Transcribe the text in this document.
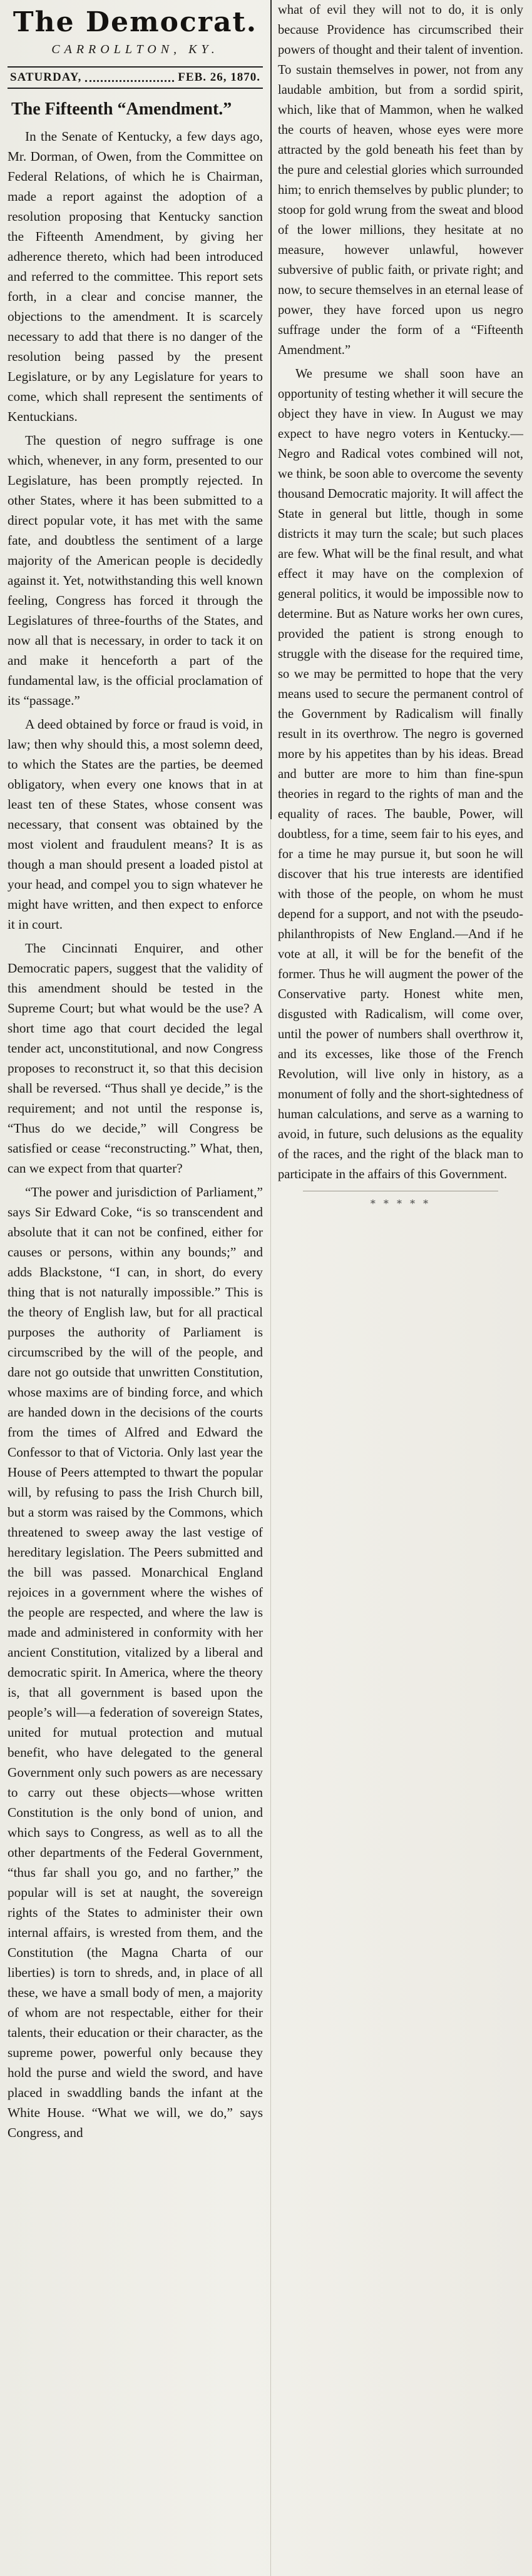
The Democrat.
CARROLLTON, KY.
SATURDAY,	FEB. 26, 1870.
The Fifteenth “Amendment.”

In the Senate of Kentucky, a few days ago, Mr. Dorman, of Owen, from the Committee on Federal Relations, of which he is Chairman, made a report against the adoption of a resolution proposing that Kentucky sanction the Fifteenth Amendment, by giving her adherence thereto, which had been introduced and referred to the committee. This report sets forth, in a clear and concise manner, the objections to the amendment. It is scarcely necessary to add that there is no danger of the resolution being passed by the present Legislature, or by any Legislature for years to come, which shall represent the sentiments of Kentuckians.

The question of negro suffrage is one which, whenever, in any form, presented to our Legislature, has been promptly rejected. In other States, where it has been submitted to a direct popular vote, it has met with the same fate, and doubtless the sentiment of a large majority of the American people is decidedly against it. Yet, notwithstanding this well known feeling, Congress has forced it through the Legislatures of three-fourths of the States, and now all that is necessary, in order to tack it on and make it henceforth a part of the fundamental law, is the official proclamation of its “passage.”

A deed obtained by force or fraud is void, in law; then why should this, a most solemn deed, to which the States are the parties, be deemed obligatory, when every one knows that in at least ten of these States, whose consent was necessary, that consent was obtained by the most violent and fraudulent means? It is as though a man should present a loaded pistol at your head, and compel you to sign whatever he might have written, and then expect to enforce it in court.

The Cincinnati Enquirer, and other Democratic papers, suggest that the validity of this amendment should be tested in the Supreme Court; but what would be the use? A short time ago that court decided the legal tender act, unconstitutional, and now Congress proposes to reconstruct it, so that this decision shall be reversed. “Thus shall ye decide,” is the requirement; and not until the response is, “Thus do we decide,” will Congress be satisfied or cease “reconstructing.” What, then, can we expect from that quarter?

“The power and jurisdiction of Parliament,” says Sir Edward Coke, “is so transcendent and absolute that it can not be confined, either for causes or persons, within any bounds;” and adds Blackstone, “I can, in short, do every thing that is not naturally impossible.” This is the theory of English law, but for all practical purposes the authority of Parliament is circumscribed by the will of the people, and dare not go outside that unwritten Constitution, whose maxims are of binding force, and which are handed down in the decisions of the courts from the times of Alfred and Edward the Confessor to that of Victoria. Only last year the House of Peers attempted to thwart the popular will, by refusing to pass the Irish Church bill, but a storm was raised by the Commons, which threatened to sweep away the last vestige of hereditary legislation. The Peers submitted and the bill was passed. Monarchical England rejoices in a government where the wishes of the people are respected, and where the law is made and administered in conformity with her ancient Constitution, vitalized by a liberal and democratic spirit. In America, where the theory is, that all government is based upon the people’s will—a federation of sovereign States, united for mutual protection and mutual benefit, who have delegated to the general Government only such powers as are necessary to carry out these objects—whose written Constitution is the only bond of union, and which says to Congress, as well as to all the other departments of the Federal Government, “thus far shall you go, and no farther,” the popular will is set at naught, the sovereign rights of the States to administer their own internal affairs, is wrested from them, and the Constitution (the Magna Charta of our liberties) is torn to shreds, and, in place of all these, we have a small body of men, a majority of whom are not respectable, either for their talents, their education or their character, as the supreme power, powerful only because they hold the purse and wield the sword, and have placed in swaddling bands the infant at the White House. “What we will, we do,” says Congress, and

what of evil they will not to do, it is only because Providence has circumscribed their powers of thought and their talent of invention. To sustain themselves in power, not from any laudable ambition, but from a sordid spirit, which, like that of Mammon, when he walked the courts of heaven, whose eyes were more attracted by the gold beneath his feet than by the pure and celestial glories which surrounded him; to enrich themselves by public plunder; to stoop for gold wrung from the sweat and blood of the lower millions, they hesitate at no measure, however unlawful, however subversive of public faith, or private right; and now, to secure themselves in an eternal lease of power, they have forced upon us negro suffrage under the form of a “Fifteenth Amendment.”

We presume we shall soon have an opportunity of testing whether it will secure the object they have in view. In August we may expect to have negro voters in Kentucky.—Negro and Radical votes combined will not, we think, be soon able to overcome the seventy thousand Democratic majority. It will affect the State in general but little, though in some districts it may turn the scale; but such places are few. What will be the final result, and what effect it may have on the complexion of general politics, it would be impossible now to determine. But as Nature works her own cures, provided the patient is strong enough to struggle with the disease for the required time, so we may be permitted to hope that the very means used to secure the permanent control of the Government by Radicalism will finally result in its overthrow. The negro is governed more by his appetites than by his ideas. Bread and butter are more to him than fine-spun theories in regard to the rights of man and the equality of races. The bauble, Power, will doubtless, for a time, seem fair to his eyes, and for a time he may pursue it, but soon he will discover that his true interests are identified with those of the people, on whom he must depend for a support, and not with the pseudo-philanthropists of New England.—And if he vote at all, it will be for the benefit of the former. Thus he will augment the power of the Conservative party. Honest white men, disgusted with Radicalism, will come over, until the power of numbers shall overthrow it, and its excesses, like those of the French Revolution, will live only in history, as a monument of folly and the short-sightedness of human calculations, and serve as a warning to avoid, in future, such delusions as the equality of the races, and the right of the black man to participate in the affairs of this Government.

* * * * *
